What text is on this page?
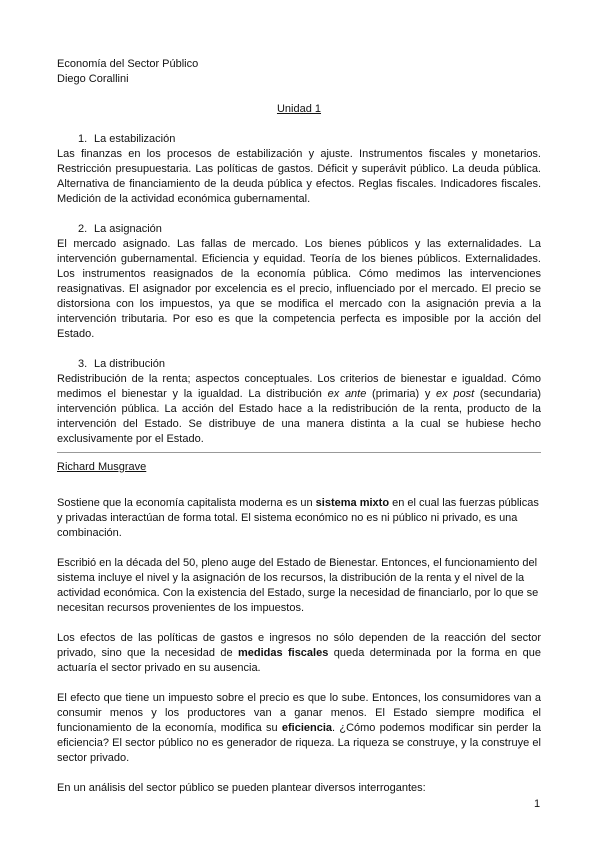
Economía del Sector Público

Diego Corallini

Unidad 1

1. La estabilización

Las finanzas en los procesos de estabilización y ajuste. Instrumentos fiscales y monetarios. Restricción presupuestaria. Las políticas de gastos. Déficit y superávit público. La deuda pública. Alternativa de financiamiento de la deuda pública y efectos. Reglas fiscales. Indicadores fiscales. Medición de la actividad económica gubernamental.

2. La asignación

El mercado asignado. Las fallas de mercado. Los bienes públicos y las externalidades. La intervención gubernamental. Eficiencia y equidad. Teoría de los bienes públicos. Externalidades. Los instrumentos reasignados de la economía pública. Cómo medimos las intervenciones reasignativas. El asignador por excelencia es el precio, influenciado por el mercado. El precio se distorsiona con los impuestos, ya que se modifica el mercado con la asignación previa a la intervención tributaria. Por eso es que la competencia perfecta es imposible por la acción del Estado.

3. La distribución

Redistribución de la renta; aspectos conceptuales. Los criterios de bienestar e igualdad. Cómo medimos el bienestar y la igualdad. La distribución ex ante (primaria) y ex post (secundaria) intervención pública. La acción del Estado hace a la redistribución de la renta, producto de la intervención del Estado. Se distribuye de una manera distinta a la cual se hubiese hecho exclusivamente por el Estado.

Richard Musgrave

Sostiene que la economía capitalista moderna es un sistema mixto en el cual las fuerzas públicas y privadas interactúan de forma total. El sistema económico no es ni público ni privado, es una combinación.

Escribió en la década del 50, pleno auge del Estado de Bienestar. Entonces, el funcionamiento del sistema incluye el nivel y la asignación de los recursos, la distribución de la renta y el nivel de la actividad económica. Con la existencia del Estado, surge la necesidad de financiarlo, por lo que se necesitan recursos provenientes de los impuestos.

Los efectos de las políticas de gastos e ingresos no sólo dependen de la reacción del sector privado, sino que la necesidad de medidas fiscales queda determinada por la forma en que actuaría el sector privado en su ausencia.

El efecto que tiene un impuesto sobre el precio es que lo sube. Entonces, los consumidores van a consumir menos y los productores van a ganar menos. El Estado siempre modifica el funcionamiento de la economía, modifica su eficiencia. ¿Cómo podemos modificar sin perder la eficiencia? El sector público no es generador de riqueza. La riqueza se construye, y la construye el sector privado.

En un análisis del sector público se pueden plantear diversos interrogantes:

1
